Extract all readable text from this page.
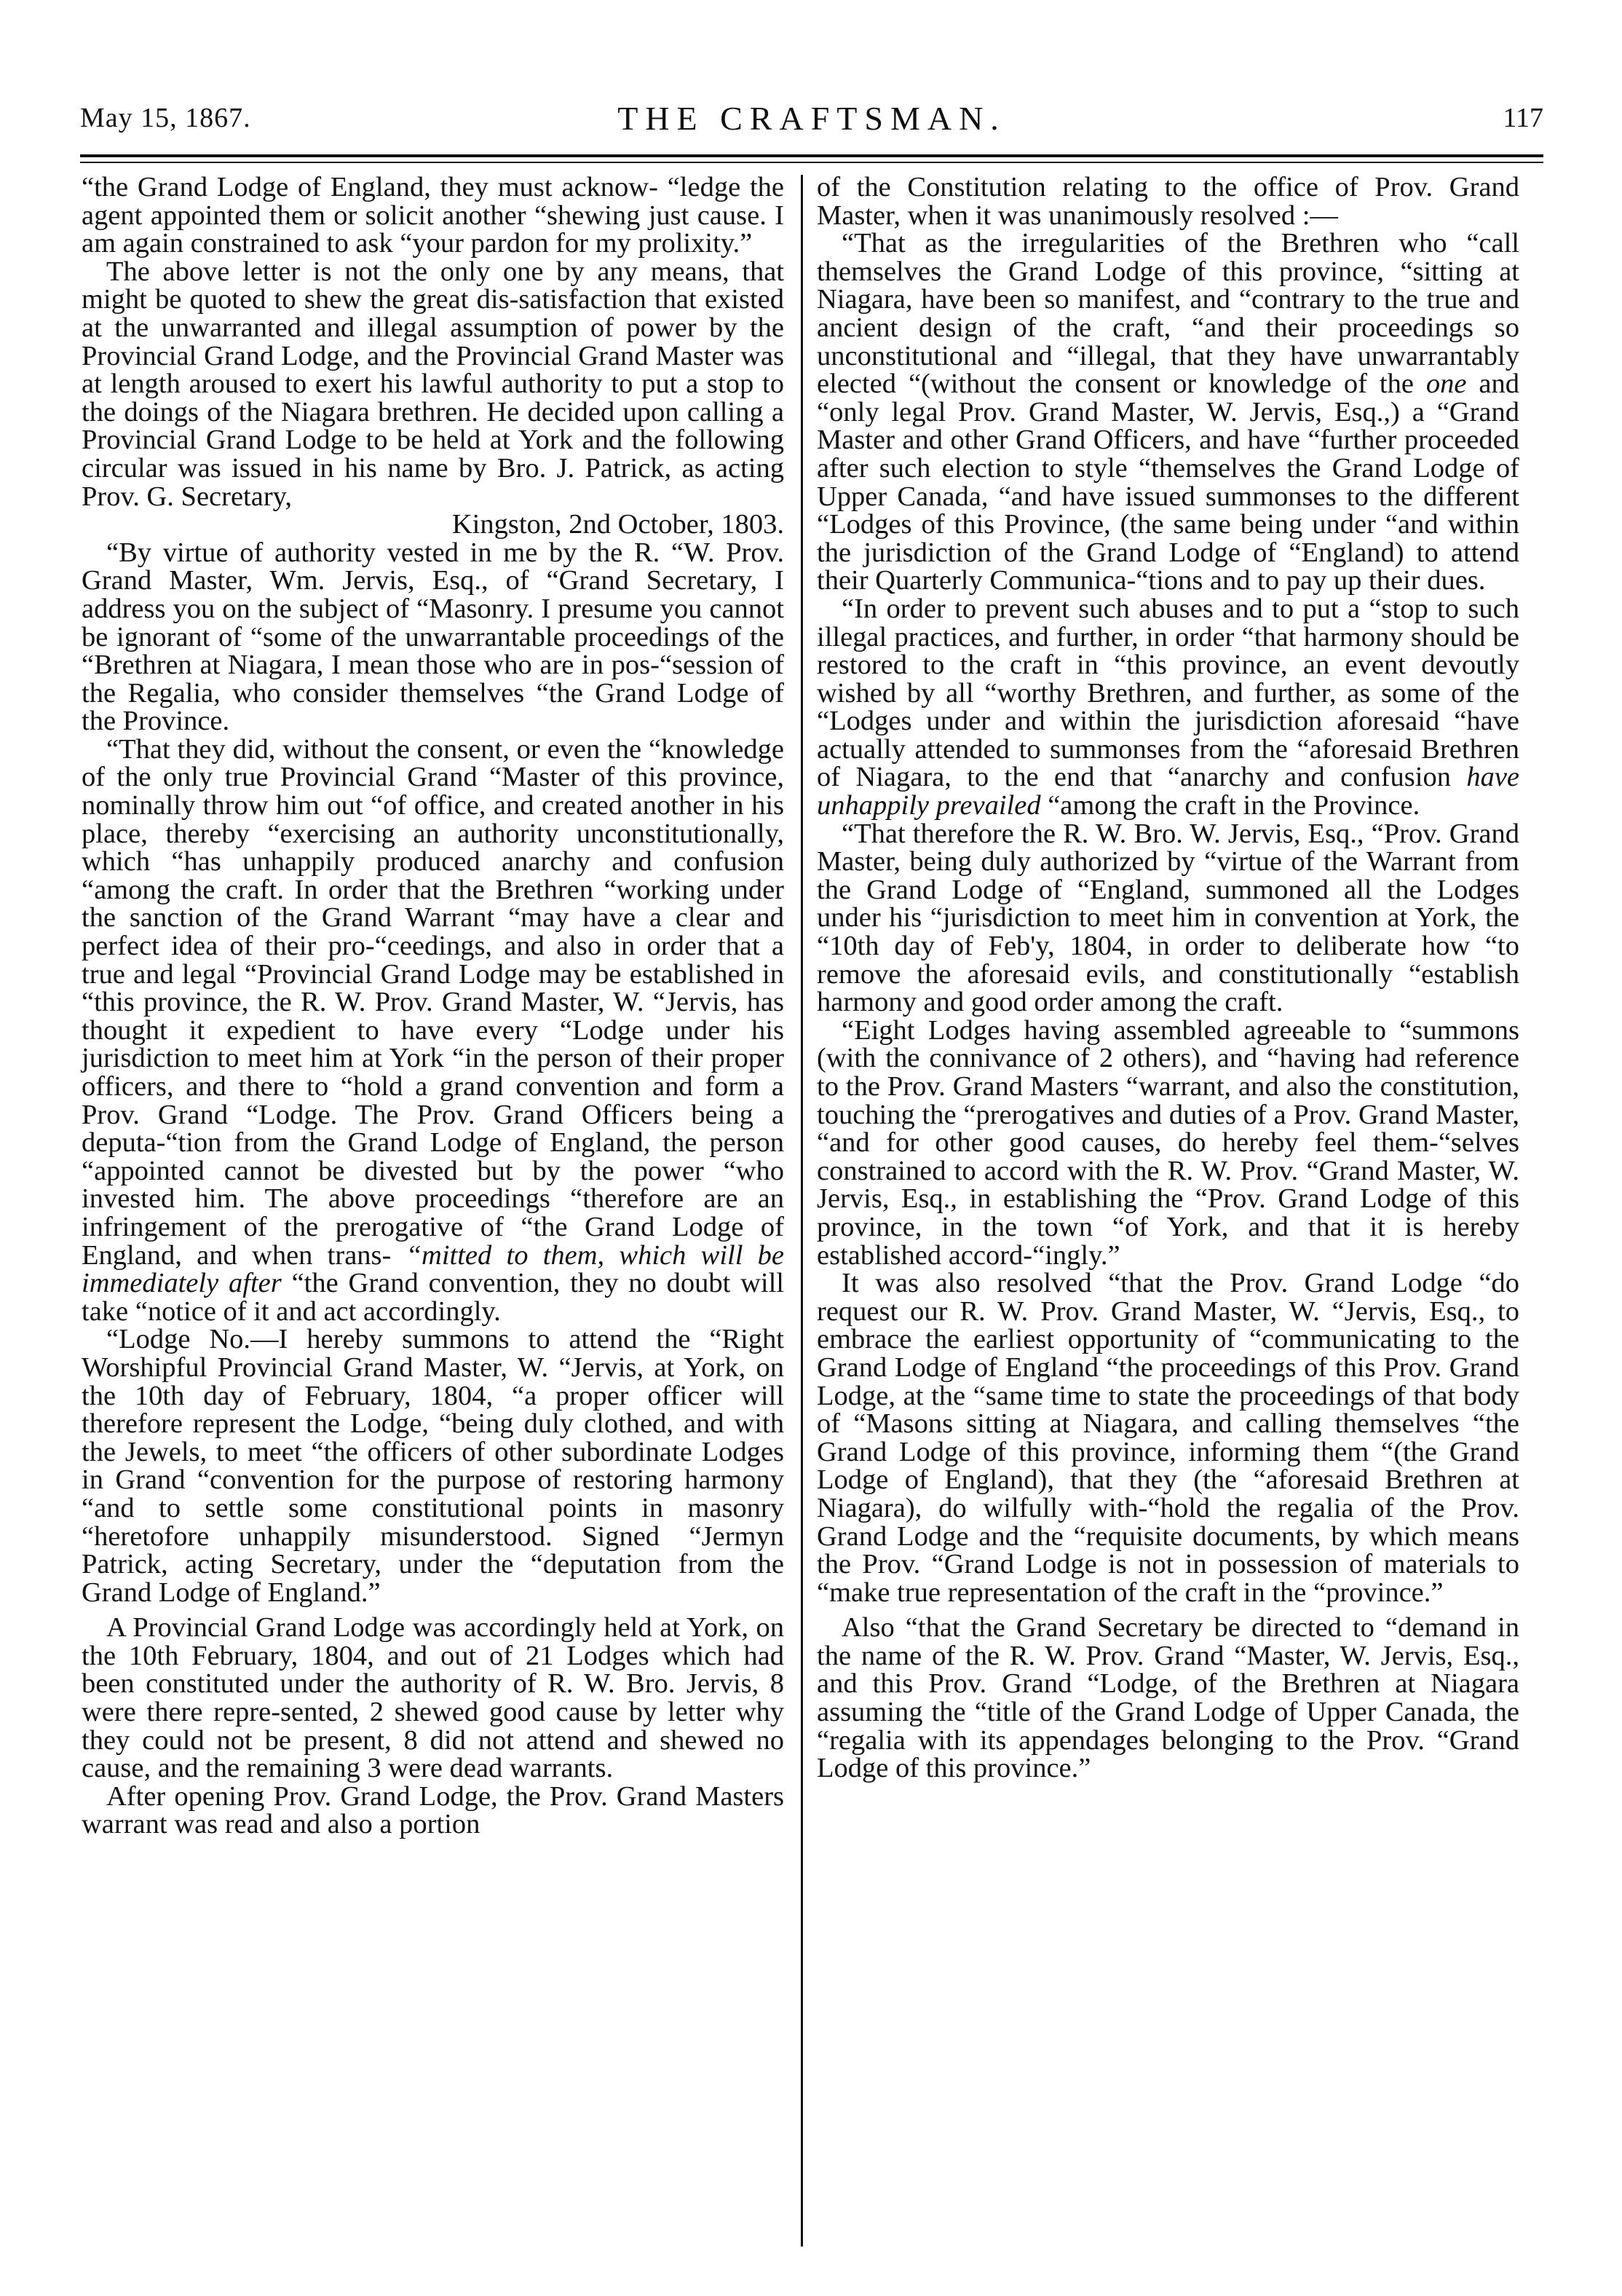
May 15, 1867.	THE CRAFTSMAN.	117

“the Grand Lodge of England, they must acknow- “ledge the agent appointed them or solicit another “shewing just cause. I am again constrained to ask “your pardon for my prolixity.”

The above letter is not the only one by any means, that might be quoted to shew the great dis-satisfaction that existed at the unwarranted and illegal assumption of power by the Provincial Grand Lodge, and the Provincial Grand Master was at length aroused to exert his lawful authority to put a stop to the doings of the Niagara brethren. He decided upon calling a Provincial Grand Lodge to be held at York and the following circular was issued in his name by Bro. J. Patrick, as acting Prov. G. Secretary,

Kingston, 2nd October, 1803.

“By virtue of authority vested in me by the R. “W. Prov. Grand Master, Wm. Jervis, Esq., of “Grand Secretary, I address you on the subject of “Masonry. I presume you cannot be ignorant of “some of the unwarrantable proceedings of the “Brethren at Niagara, I mean those who are in pos-“session of the Regalia, who consider themselves “the Grand Lodge of the Province.

“That they did, without the consent, or even the “knowledge of the only true Provincial Grand “Master of this province, nominally throw him out “of office, and created another in his place, thereby “exercising an authority unconstitutionally, which “has unhappily produced anarchy and confusion “among the craft. In order that the Brethren “working under the sanction of the Grand Warrant “may have a clear and perfect idea of their pro-“ceedings, and also in order that a true and legal “Provincial Grand Lodge may be established in “this province, the R. W. Prov. Grand Master, W. “Jervis, has thought it expedient to have every “Lodge under his jurisdiction to meet him at York “in the person of their proper officers, and there to “hold a grand convention and form a Prov. Grand “Lodge. The Prov. Grand Officers being a deputa-“tion from the Grand Lodge of England, the person “appointed cannot be divested but by the power “who invested him. The above proceedings “therefore are an infringement of the prerogative of “the Grand Lodge of England, and when trans- “mitted to them, which will be immediately after “the Grand convention, they no doubt will take “notice of it and act accordingly.

“Lodge No.—I hereby summons to attend the “Right Worshipful Provincial Grand Master, W. “Jervis, at York, on the 10th day of February, 1804, “a proper officer will therefore represent the Lodge, “being duly clothed, and with the Jewels, to meet “the officers of other subordinate Lodges in Grand “convention for the purpose of restoring harmony “and to settle some constitutional points in masonry “heretofore unhappily misunderstood. Signed “Jermyn Patrick, acting Secretary, under the “deputation from the Grand Lodge of England.”

A Provincial Grand Lodge was accordingly held at York, on the 10th February, 1804, and out of 21 Lodges which had been constituted under the authority of R. W. Bro. Jervis, 8 were there repre-sented, 2 shewed good cause by letter why they could not be present, 8 did not attend and shewed no cause, and the remaining 3 were dead warrants.

After opening Prov. Grand Lodge, the Prov. Grand Masters warrant was read and also a portion

of the Constitution relating to the office of Prov. Grand Master, when it was unanimously resolved :—

“That as the irregularities of the Brethren who “call themselves the Grand Lodge of this province, “sitting at Niagara, have been so manifest, and “contrary to the true and ancient design of the craft, “and their proceedings so unconstitutional and “illegal, that they have unwarrantably elected “(without the consent or knowledge of the one and “only legal Prov. Grand Master, W. Jervis, Esq.,) a “Grand Master and other Grand Officers, and have “further proceeded after such election to style “themselves the Grand Lodge of Upper Canada, “and have issued summonses to the different “Lodges of this Province, (the same being under “and within the jurisdiction of the Grand Lodge of “England) to attend their Quarterly Communica-“tions and to pay up their dues.

“In order to prevent such abuses and to put a “stop to such illegal practices, and further, in order “that harmony should be restored to the craft in “this province, an event devoutly wished by all “worthy Brethren, and further, as some of the “Lodges under and within the jurisdiction aforesaid “have actually attended to summonses from the “aforesaid Brethren of Niagara, to the end that “anarchy and confusion have unhappily prevailed “among the craft in the Province.

“That therefore the R. W. Bro. W. Jervis, Esq., “Prov. Grand Master, being duly authorized by “virtue of the Warrant from the Grand Lodge of “England, summoned all the Lodges under his “jurisdiction to meet him in convention at York, the “10th day of Feb'y, 1804, in order to deliberate how “to remove the aforesaid evils, and constitutionally “establish harmony and good order among the craft.

“Eight Lodges having assembled agreeable to “summons (with the connivance of 2 others), and “having had reference to the Prov. Grand Masters “warrant, and also the constitution, touching the “prerogatives and duties of a Prov. Grand Master, “and for other good causes, do hereby feel them-“selves constrained to accord with the R. W. Prov. “Grand Master, W. Jervis, Esq., in establishing the “Prov. Grand Lodge of this province, in the town “of York, and that it is hereby established accord-“ingly.”

It was also resolved “that the Prov. Grand Lodge “do request our R. W. Prov. Grand Master, W. “Jervis, Esq., to embrace the earliest opportunity of “communicating to the Grand Lodge of England “the proceedings of this Prov. Grand Lodge, at the “same time to state the proceedings of that body of “Masons sitting at Niagara, and calling themselves “the Grand Lodge of this province, informing them “(the Grand Lodge of England), that they (the “aforesaid Brethren at Niagara), do wilfully with-“hold the regalia of the Prov. Grand Lodge and the “requisite documents, by which means the Prov. “Grand Lodge is not in possession of materials to “make true representation of the craft in the “province.”

Also “that the Grand Secretary be directed to “demand in the name of the R. W. Prov. Grand “Master, W. Jervis, Esq., and this Prov. Grand “Lodge, of the Brethren at Niagara assuming the “title of the Grand Lodge of Upper Canada, the “regalia with its appendages belonging to the Prov. “Grand Lodge of this province.”
